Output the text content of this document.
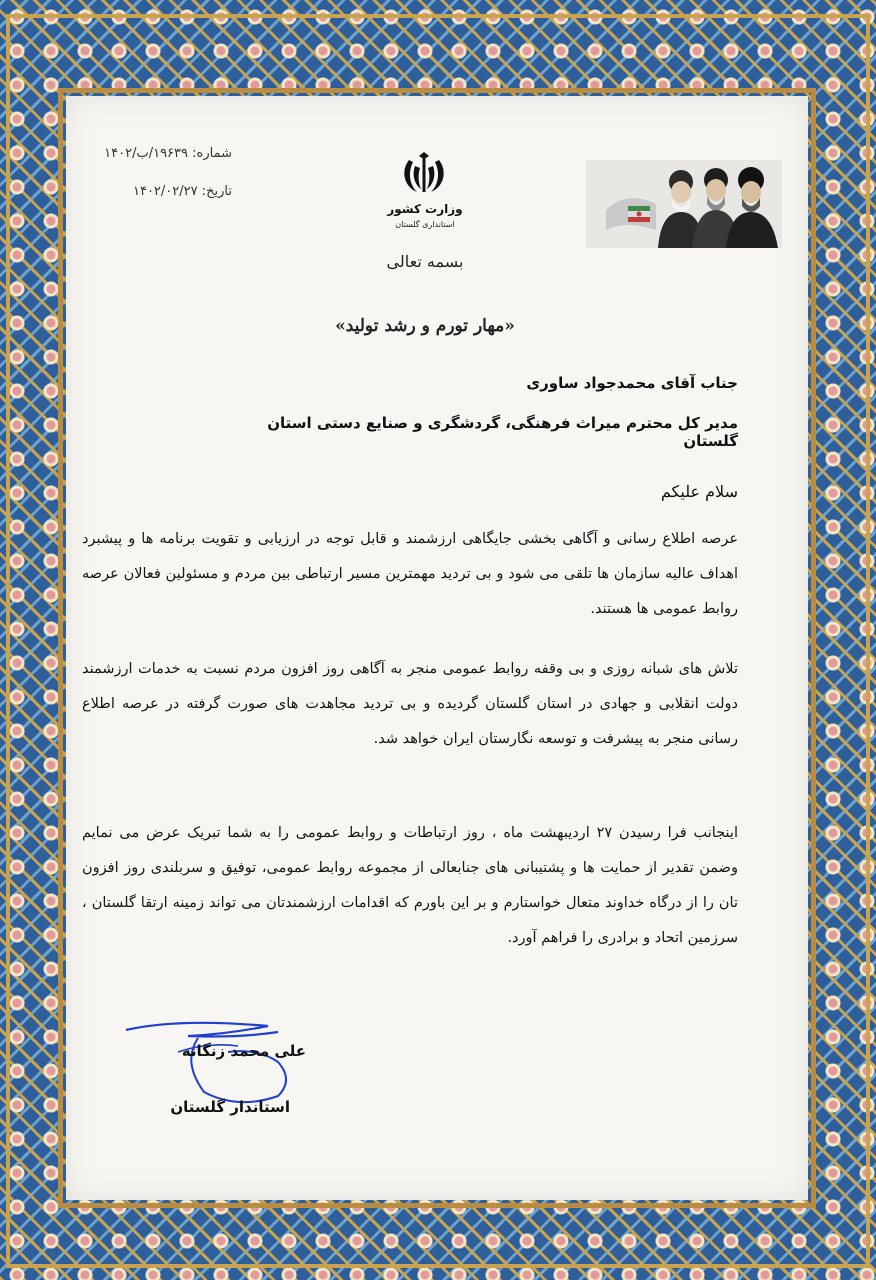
شماره: ۱۹۶۳۹/ب/۱۴۰۲
تاریخ: ۱۴۰۲/۰۲/۲۷
وزارت کشور
استانداری گلستان
بسمه تعالی
«مهار تورم و رشد تولید»
جناب آقای محمدجواد ساوری
مدیر کل محترم میراث فرهنگی، گردشگری و صنایع دستی استان گلستان
سلام علیکم
عرصه اطلاع رسانی و آگاهی بخشی جایگاهی ارزشمند و قابل توجه در ارزیابی و تقویت برنامه ها و پیشبرد اهداف عالیه سازمان ها تلقی می شود و بی تردید مهمترین مسیر ارتباطی بین مردم و مسئولین فعالان عرصه روابط عمومی ها هستند.
تلاش های شبانه روزی و بی وقفه روابط عمومی منجر به آگاهی روز افزون مردم نسبت به خدمات ارزشمند دولت انقلابی و جهادی در استان گلستان گردیده و بی تردید مجاهدت های صورت گرفته در عرصه اطلاع رسانی منجر به پیشرفت و توسعه نگارستان ایران خواهد شد.
اینجانب فرا رسیدن ۲۷ اردیبهشت ماه ، روز ارتباطات و روابط عمومی را به شما تبریک عرض می نمایم وضمن تقدیر از حمایت ها و پشتیبانی های جنابعالی از مجموعه روابط عمومی، توفیق و سربلندی روز افزون تان را از درگاه خداوند متعال خواستارم و بر این باورم که اقدامات ارزشمندتان می تواند زمینه ارتقا گلستان ، سرزمین اتحاد و برادری را فراهم آورد.
علی محمد زنگانه
استاندار گلستان
